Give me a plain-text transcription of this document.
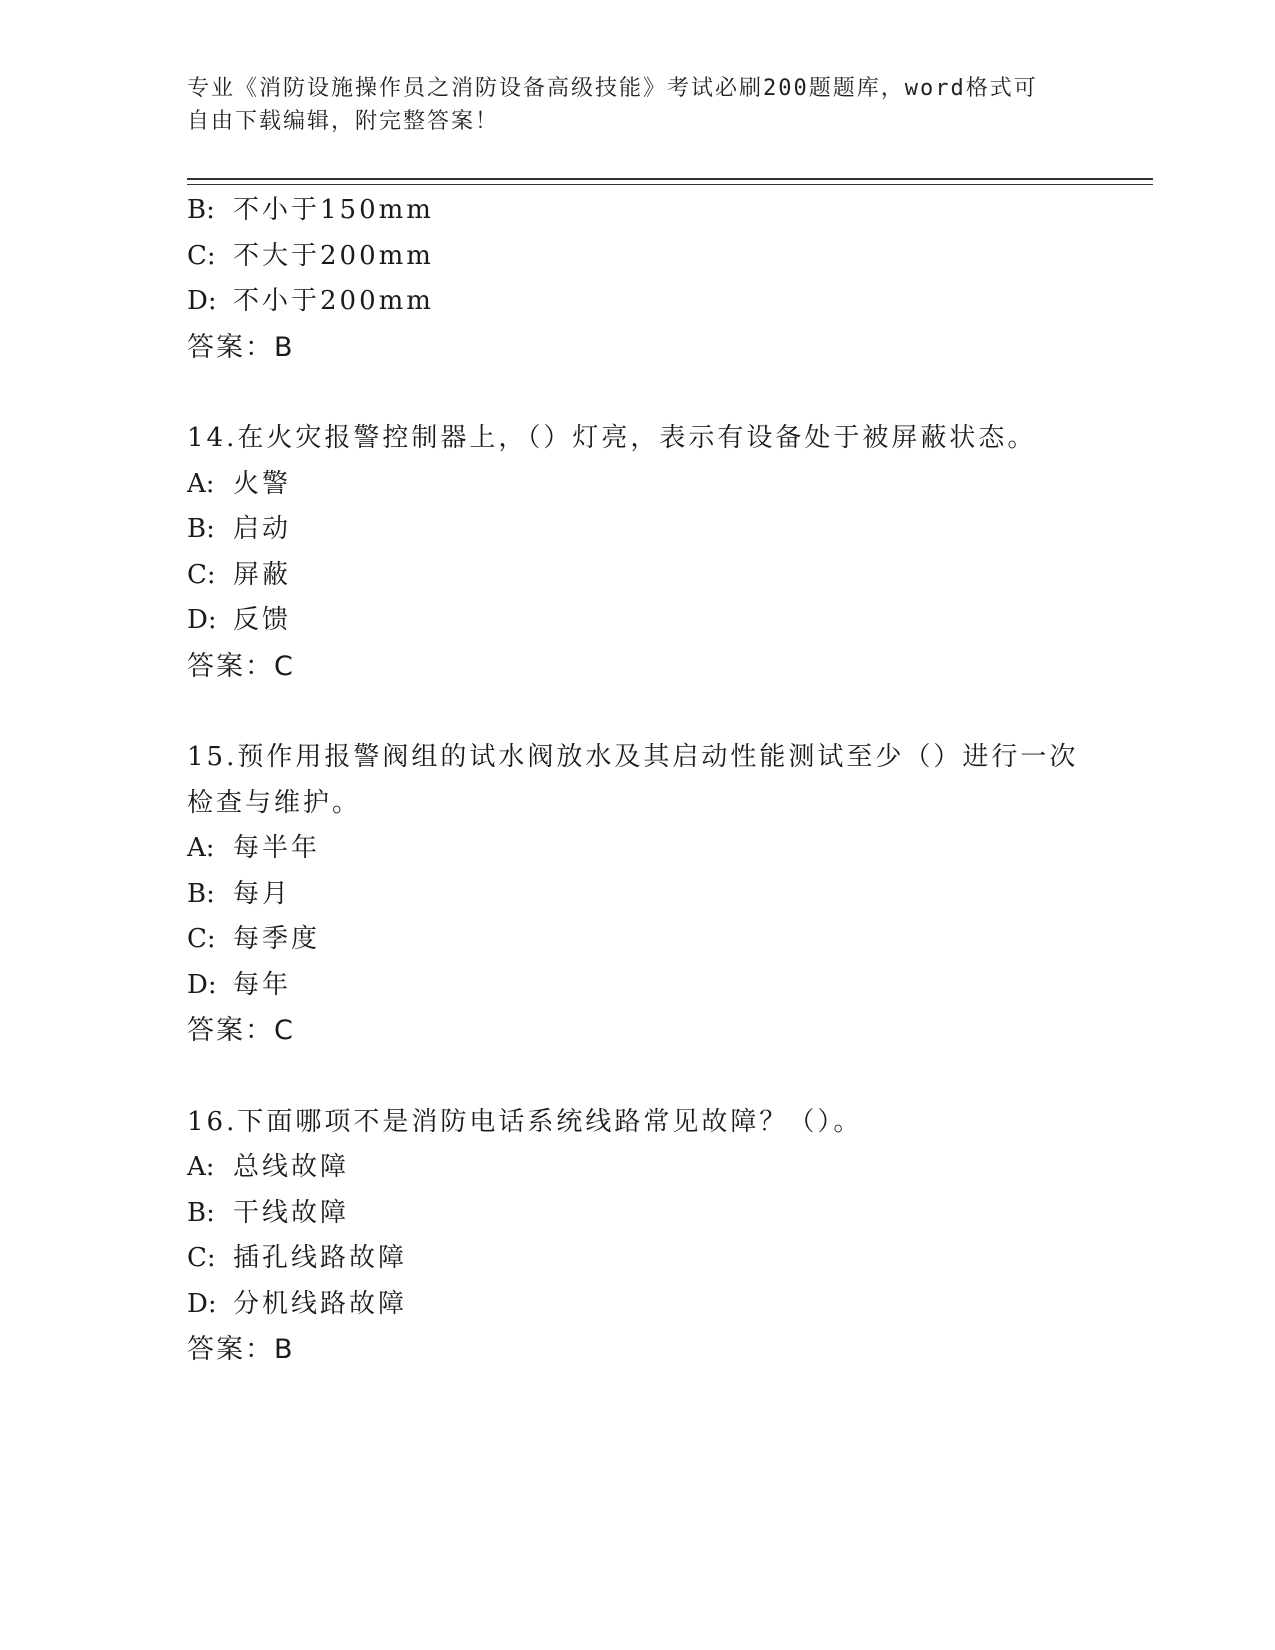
专业《消防设施操作员之消防设备高级技能》考试必刷200题题库，word格式可
自由下载编辑，附完整答案！
B: 不小于150mm
C: 不大于200mm
D: 不小于200mm
答案：B
14.在火灾报警控制器上，（）灯亮，表示有设备处于被屏蔽状态。
A: 火警
B: 启动
C: 屏蔽
D: 反馈
答案：C
15.预作用报警阀组的试水阀放水及其启动性能测试至少（）进行一次
检查与维护。
A: 每半年
B: 每月
C: 每季度
D: 每年
答案：C
16.下面哪项不是消防电话系统线路常见故障？（）。
A: 总线故障
B: 干线故障
C: 插孔线路故障
D: 分机线路故障
答案：B
